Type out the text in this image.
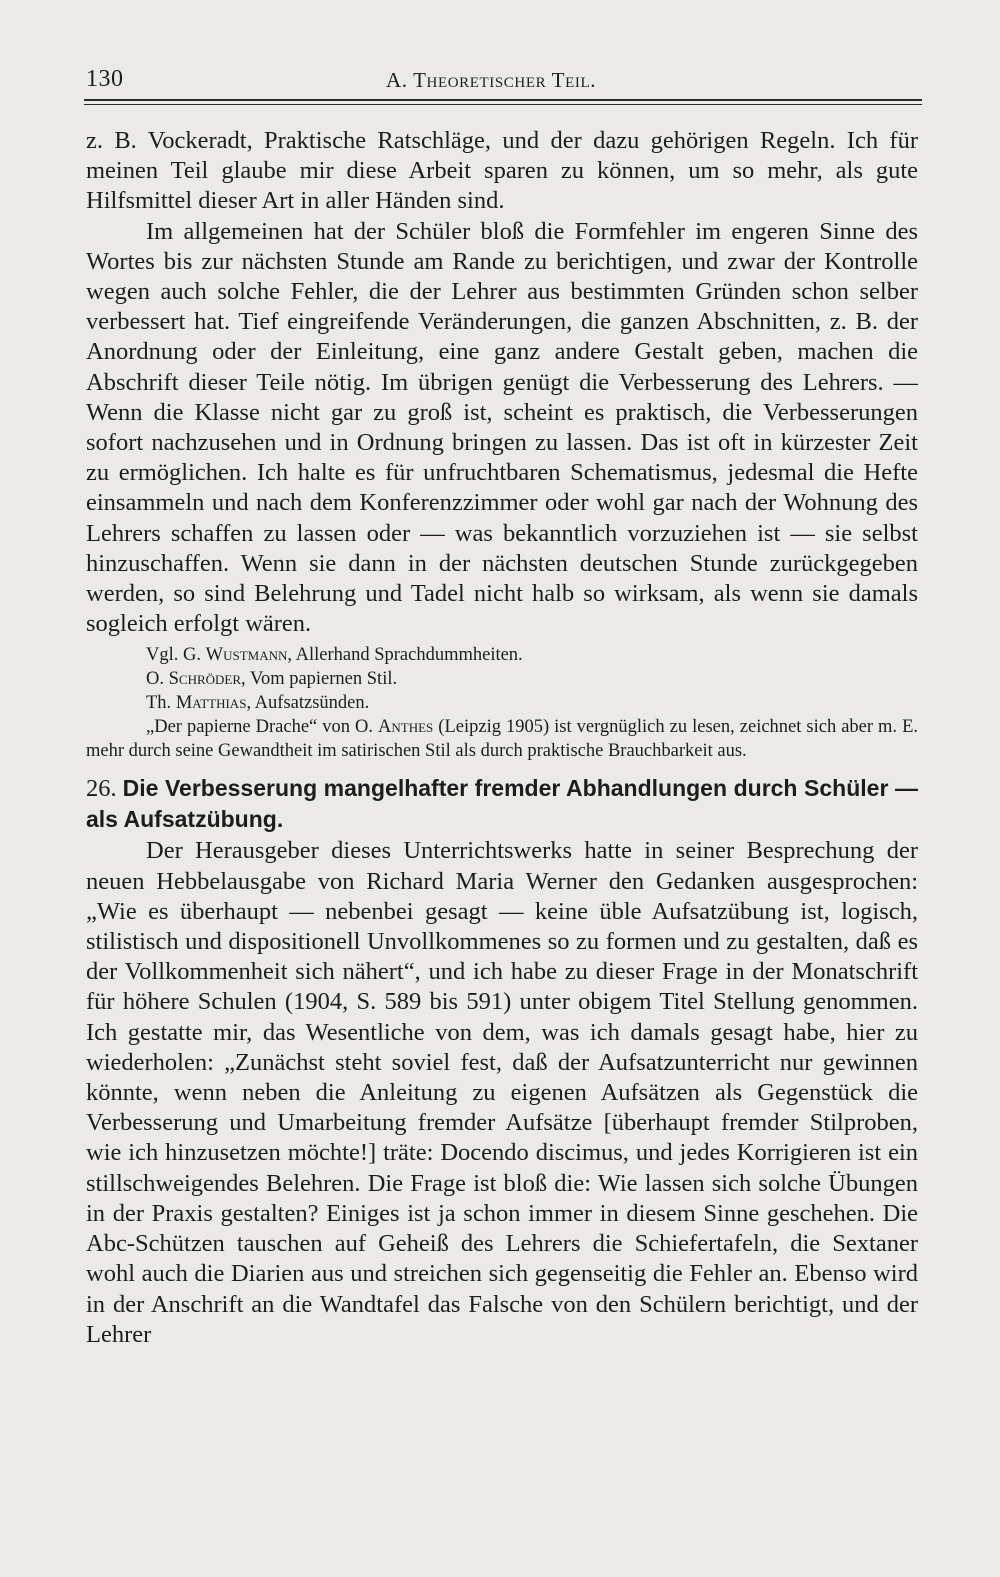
130	A. Theoretischer Teil.

z. B. Vockeradt, Praktische Ratschläge, und der dazu gehörigen Regeln. Ich für meinen Teil glaube mir diese Arbeit sparen zu können, um so mehr, als gute Hilfsmittel dieser Art in aller Händen sind.

Im allgemeinen hat der Schüler bloß die Formfehler im engeren Sinne des Wortes bis zur nächsten Stunde am Rande zu berichtigen, und zwar der Kontrolle wegen auch solche Fehler, die der Lehrer aus bestimmten Gründen schon selber verbessert hat. Tief eingreifende Veränderungen, die ganzen Abschnitten, z. B. der Anordnung oder der Einleitung, eine ganz andere Gestalt geben, machen die Abschrift dieser Teile nötig. Im übrigen genügt die Verbesserung des Lehrers. — Wenn die Klasse nicht gar zu groß ist, scheint es praktisch, die Verbesserungen sofort nachzusehen und in Ordnung bringen zu lassen. Das ist oft in kürzester Zeit zu ermöglichen. Ich halte es für unfruchtbaren Schematismus, jedesmal die Hefte einsammeln und nach dem Konferenzzimmer oder wohl gar nach der Wohnung des Lehrers schaffen zu lassen oder — was bekanntlich vorzuziehen ist — sie selbst hinzuschaffen. Wenn sie dann in der nächsten deutschen Stunde zurückgegeben werden, so sind Belehrung und Tadel nicht halb so wirksam, als wenn sie damals sogleich erfolgt wären.

Vgl. G. Wustmann, Allerhand Sprachdummheiten.

O. Schröder, Vom papiernen Stil.

Th. Matthias, Aufsatzsünden.

„Der papierne Drache“ von O. Anthes (Leipzig 1905) ist vergnüglich zu lesen, zeichnet sich aber m. E. mehr durch seine Gewandtheit im satirischen Stil als durch praktische Brauchbarkeit aus.

26. Die Verbesserung mangelhafter fremder Abhandlungen durch Schüler — als Aufsatzübung.

Der Herausgeber dieses Unterrichtswerks hatte in seiner Besprechung der neuen Hebbelausgabe von Richard Maria Werner den Gedanken ausgesprochen: „Wie es überhaupt — nebenbei gesagt — keine üble Aufsatzübung ist, logisch, stilistisch und dispositionell Unvollkommenes so zu formen und zu gestalten, daß es der Vollkommenheit sich nähert“, und ich habe zu dieser Frage in der Monatschrift für höhere Schulen (1904, S. 589 bis 591) unter obigem Titel Stellung genommen. Ich gestatte mir, das Wesentliche von dem, was ich damals gesagt habe, hier zu wiederholen: „Zunächst steht soviel fest, daß der Aufsatzunterricht nur gewinnen könnte, wenn neben die Anleitung zu eigenen Aufsätzen als Gegenstück die Verbesserung und Umarbeitung fremder Aufsätze [überhaupt fremder Stilproben, wie ich hinzusetzen möchte!] träte: Docendo discimus, und jedes Korrigieren ist ein stillschweigendes Belehren. Die Frage ist bloß die: Wie lassen sich solche Übungen in der Praxis gestalten? Einiges ist ja schon immer in diesem Sinne geschehen. Die Abc-Schützen tauschen auf Geheiß des Lehrers die Schiefertafeln, die Sextaner wohl auch die Diarien aus und streichen sich gegenseitig die Fehler an. Ebenso wird in der Anschrift an die Wandtafel das Falsche von den Schülern berichtigt, und der Lehrer
